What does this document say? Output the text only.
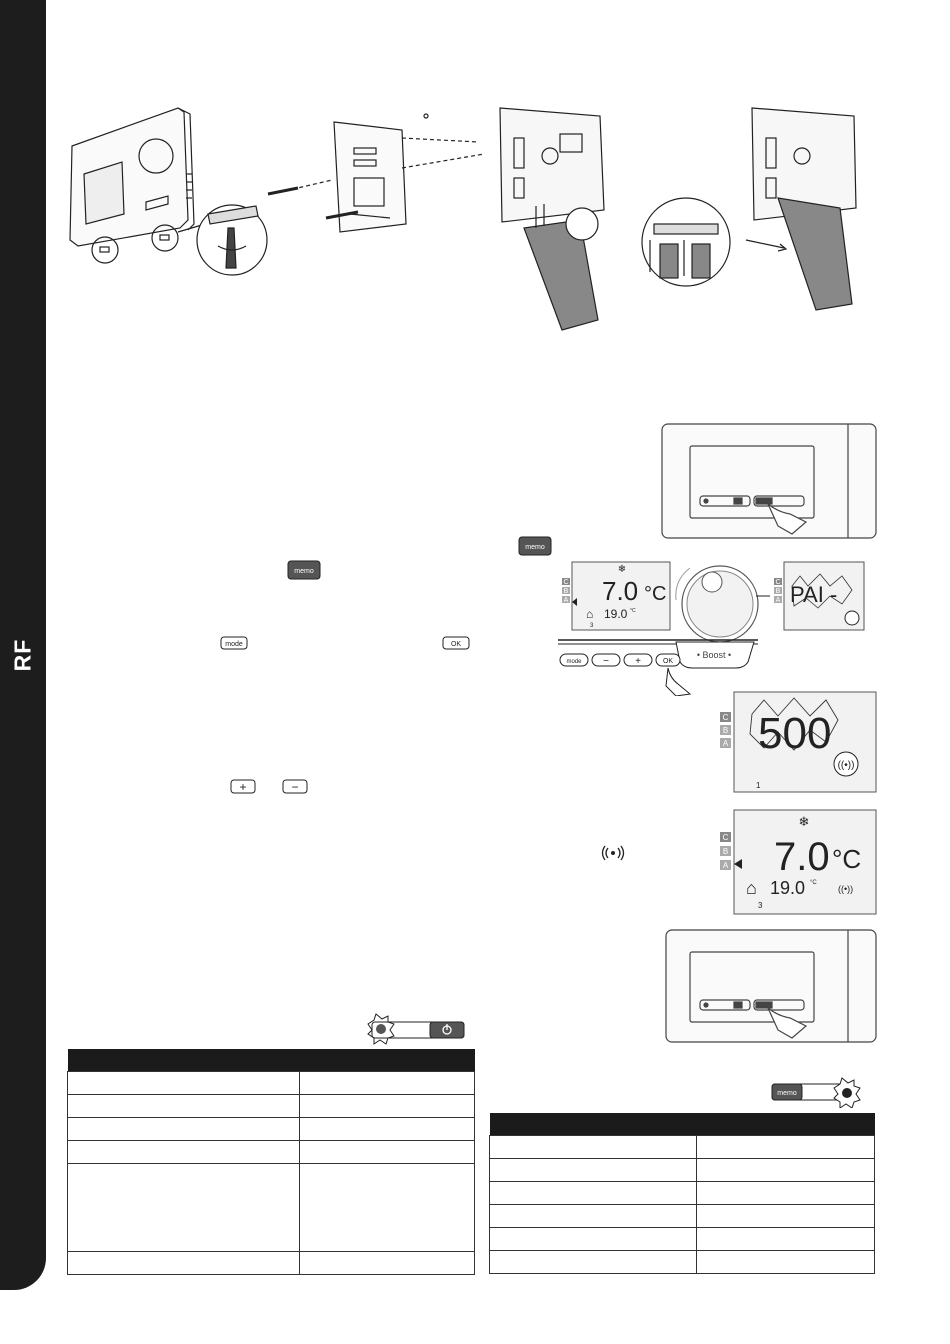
RF
memo
memo
C
B
A
❄
7.0 °C
⌂ 19.0 °C
3
C
B
A PAI -
• Boost •
mode −	+	OK
mode	OK
C
B
A 500
((•))
1
+	−
C
B
A
❄
7.0 °C
⌂ 19.0 °C
((•))
3
memo
